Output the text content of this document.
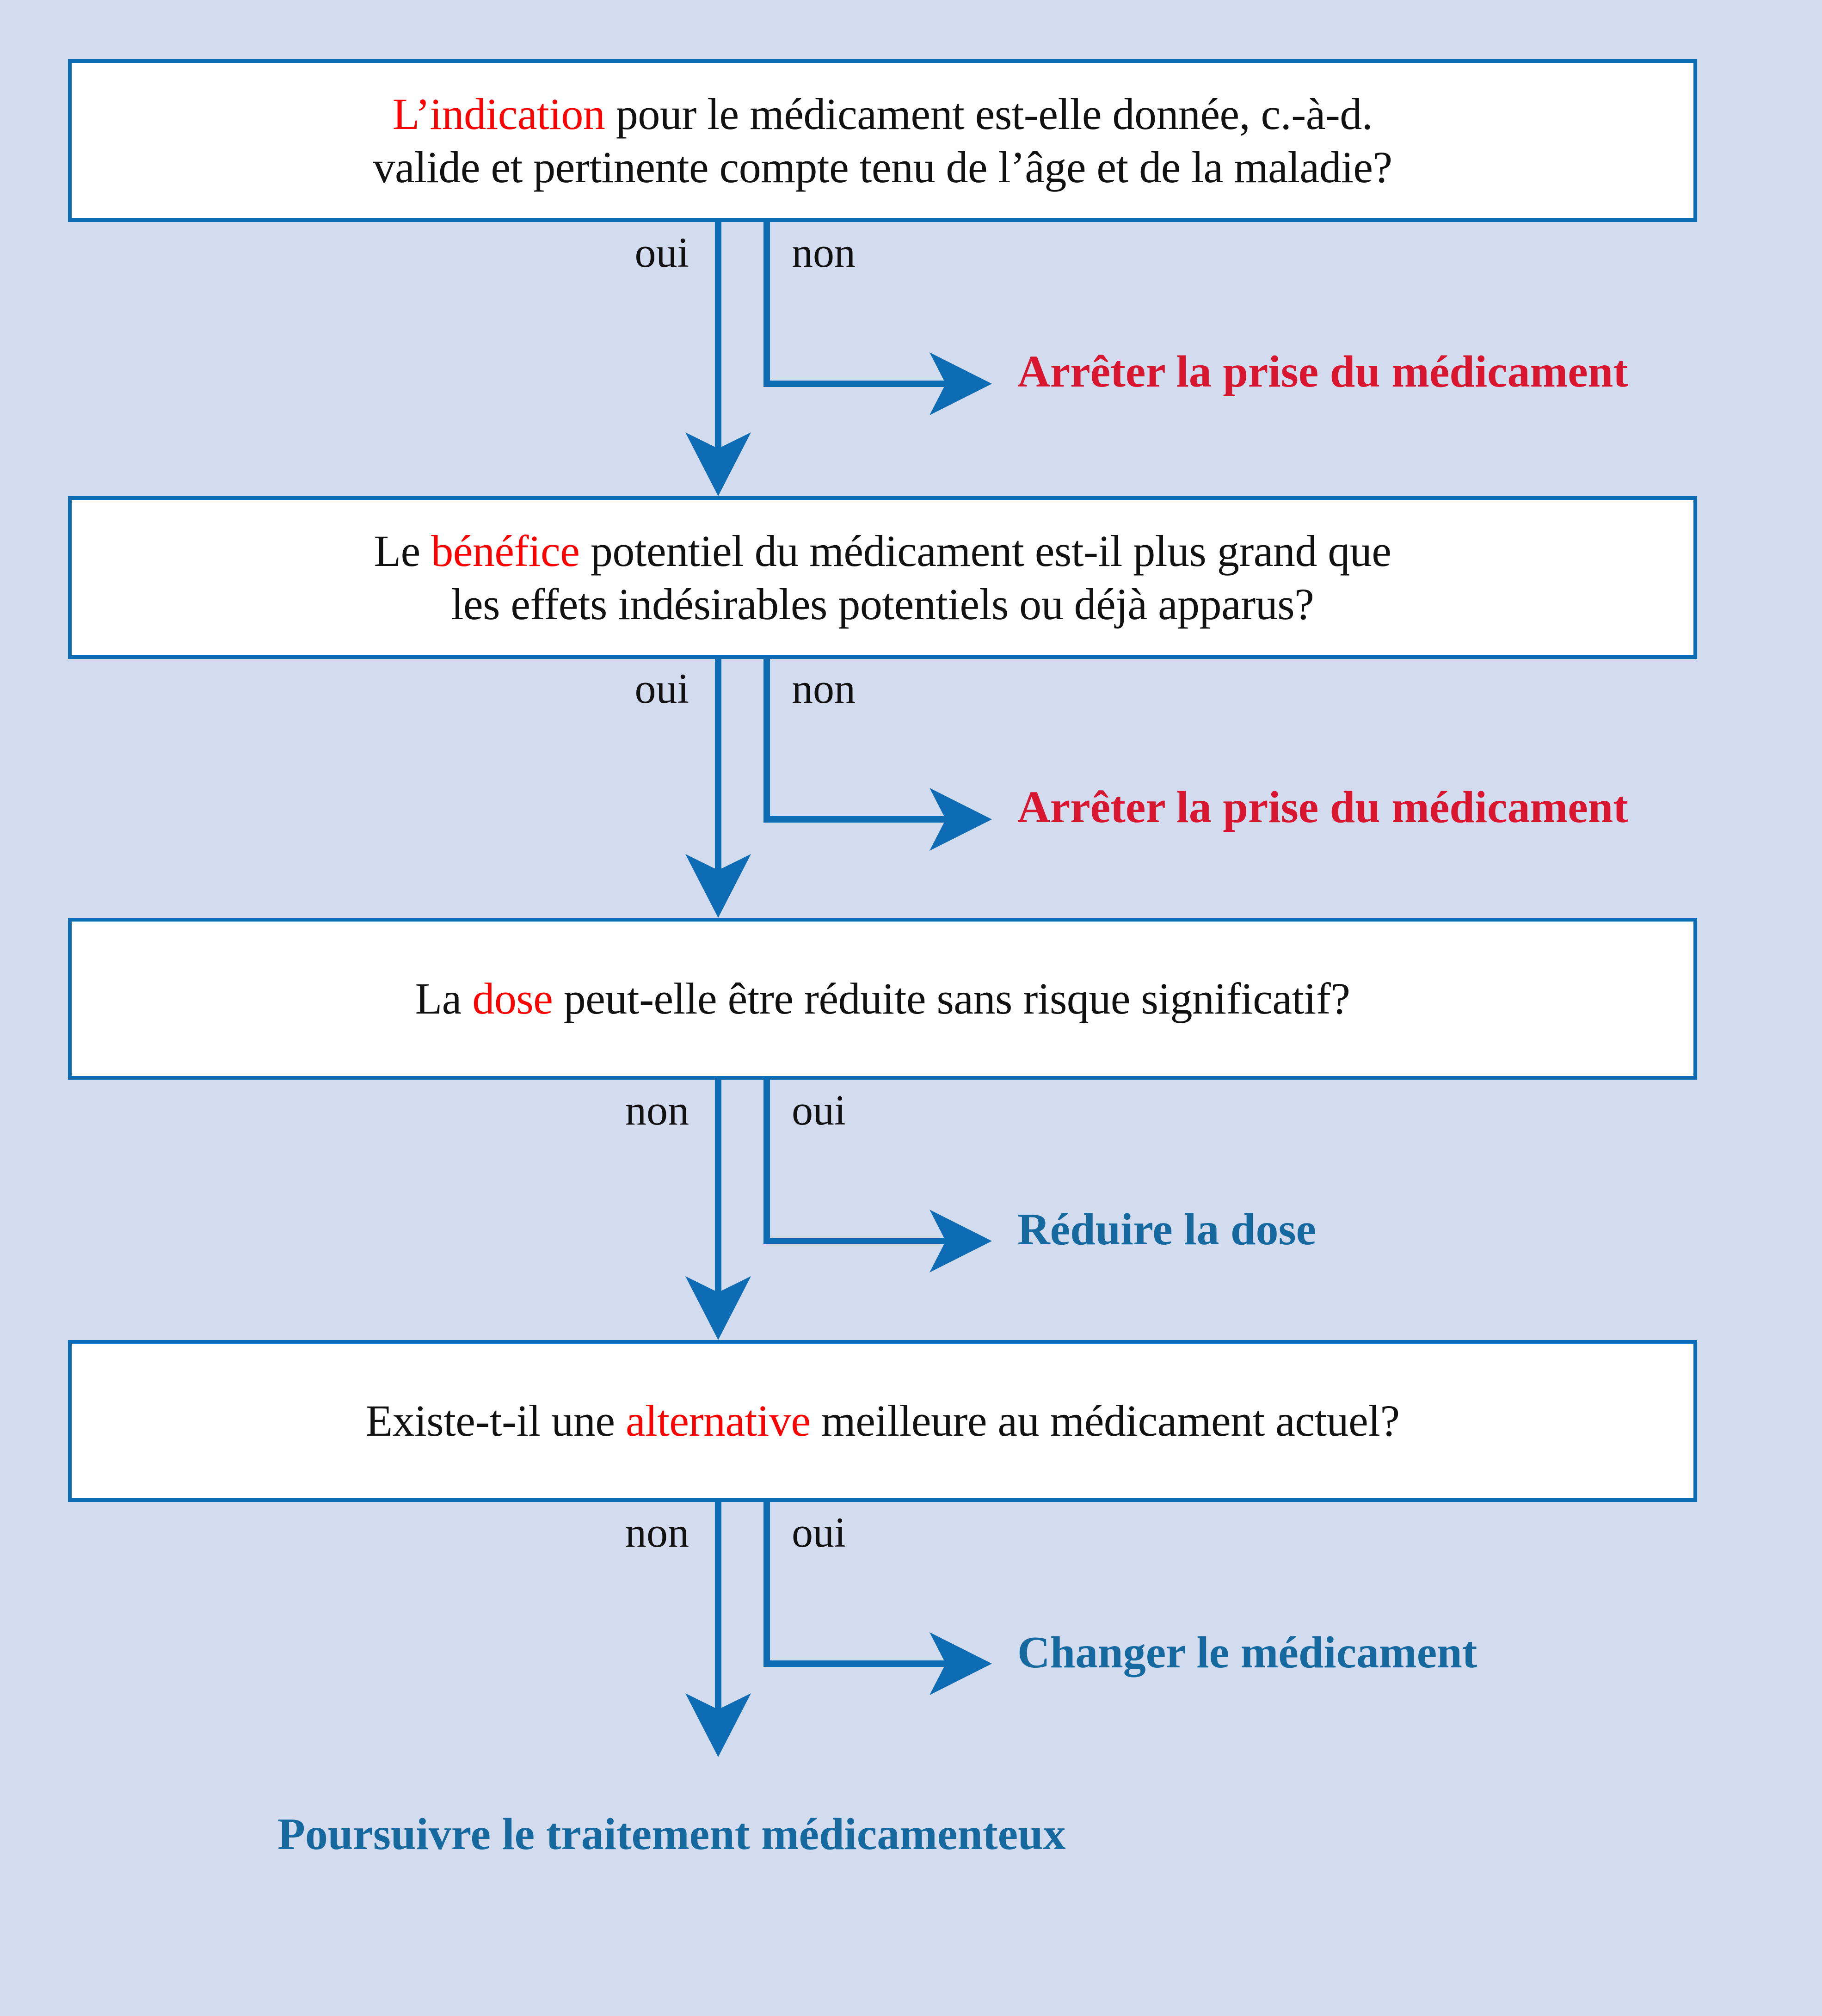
L’indication pour le médicament est-elle donnée, c.-à-d.
valide et pertinente compte tenu de l’âge et de la maladie?
oui non
Arrêter la prise du médicament
Le bénéfice potentiel du médicament est-il plus grand que
les effets indésirables potentiels ou déjà apparus?
oui non
Arrêter la prise du médicament
La dose peut-elle être réduite sans risque significatif?
non oui
Réduire la dose
Existe-t-il une alternative meilleure au médicament actuel?
non oui
Changer le médicament
Poursuivre le traitement médicamenteux
